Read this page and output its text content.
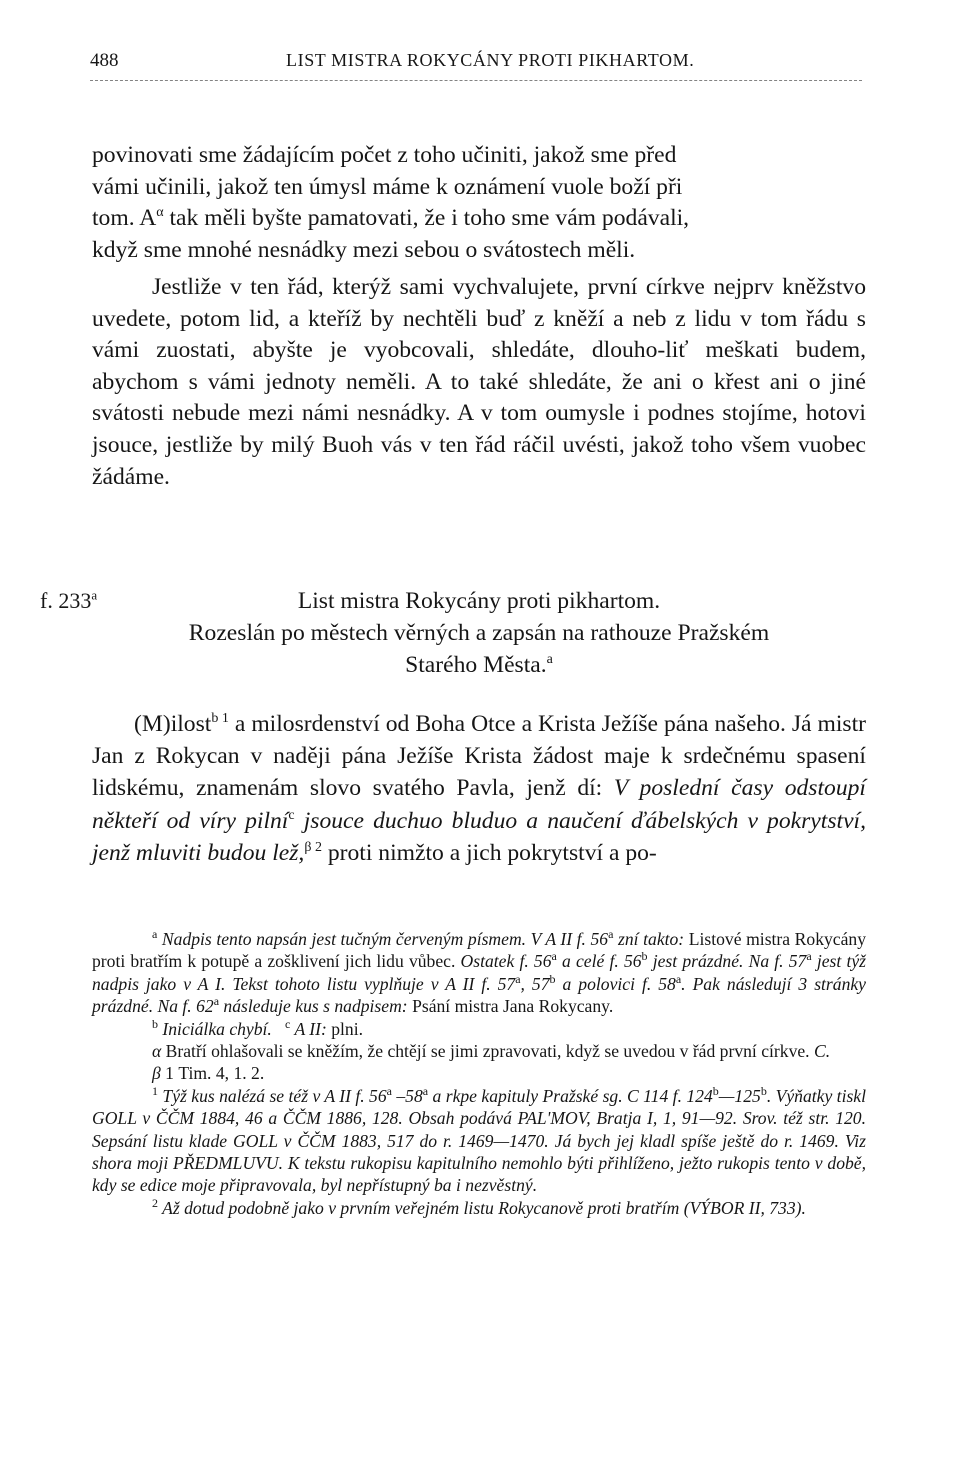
488	LIST MISTRA ROKYCÁNY PROTI PIKHARTOM.

povinovati sme žádajícím počet z toho učiniti, jakož sme před

vámi učinili, jakož ten úmysl máme k oznámení vuole boží při

tom. $A^\alpha$ tak měli byšte pamatovati, že i toho sme vám podávali,

když sme mnohé nesnádky mezi sebou o svátostech měli.

Jestliže v ten řád, kterýž sami vychvalujete, první církve nejprv kněžstvo uvedete, potom lid, a kteříž by nechtěli buď z kněží a neb z lidu v tom řádu s vámi zuostati, abyšte je vyobcovali, shledáte, dlouho-liť meškati budem, abychom s vámi jednoty neměli. A to také shledáte, že ani o křest ani o jiné svátosti nebude mezi námi nesnádky. A v tom oumysle i podnes stojíme, hotovi jsouce, jestliže by milý Buoh vás v ten řád ráčil uvésti, jakož toho všem vuobec žádáme.

f. 233$^a$	List mistra Rokycány proti pikhartom.
Rozeslán po městech věrných a zapsán na rathouze Pražském
Starého Města.$^a$

(M)ilost$^{b 1}$ a milosrdenství od Boha Otce a Krista Ježíše pána našeho. Já mistr Jan z Rokycan v naději pána Ježíše Krista žádost maje k srdečnému spasení lidskému, znamenám slovo svatého Pavla, jenž dí: V poslední časy odstoupí někteří od víry pilní$^c$ jsouce duchuo bluduo a naučení ďábelských v pokrytství, jenž mluviti budou lež,$^{\beta 2}$ proti nimžto a jich pokrytství a po-

$^a$ Nadpis tento napsán jest tučným červeným písmem. V A II f. 56$^a$ zní takto: Listové mistra Rokycány proti bratřím k potupě a zošklivení jich lidu vůbec. Ostatek f. 56$^a$ a celé f. 56$^b$ jest prázdné. Na f. 57$^a$ jest týž nadpis jako v A I. Tekst tohoto listu vyplňuje v A II f. 57$^a$, 57$^b$ a polovici f. 58$^a$. Pak následují 3 stránky prázdné. Na f. 62$^a$ následuje kus s nadpisem: Psání mistra Jana Rokycany.

$^b$ Iniciálka chybí. $^c$ A II: plni.

α Bratří ohlašovali se kněžím, že chtějí se jimi zpravovati, když se uvedou v řád první církve. C.

β 1 Tim. 4, 1. 2.

$^1$ Týž kus nalézá se též v A II f. 56$^a$ –58$^a$ a rkpe kapituly Pražské sg. C 114 f. 124$^b$—125$^b$. Výňatky tiskl GOLL v ČČM 1884, 46 a ČČM 1886, 128. Obsah podává PAL'MOV, Bratja I, 1, 91—92. Srov. též str. 120. Sepsání listu klade GOLL v ČČM 1883, 517 do r. 1469—1470. Já bych jej kladl spíše ještě do r. 1469. Viz shora moji PŘEDMLUVU. K tekstu rukopisu kapitulního nemohlo býti přihlíženo, ježto rukopis tento v době, kdy se edice moje připravovala, byl nepřístupný ba i nezvěstný.

$^2$ Až dotud podobně jako v prvním veřejném listu Rokycanově proti bratřím (VÝBOR II, 733).
